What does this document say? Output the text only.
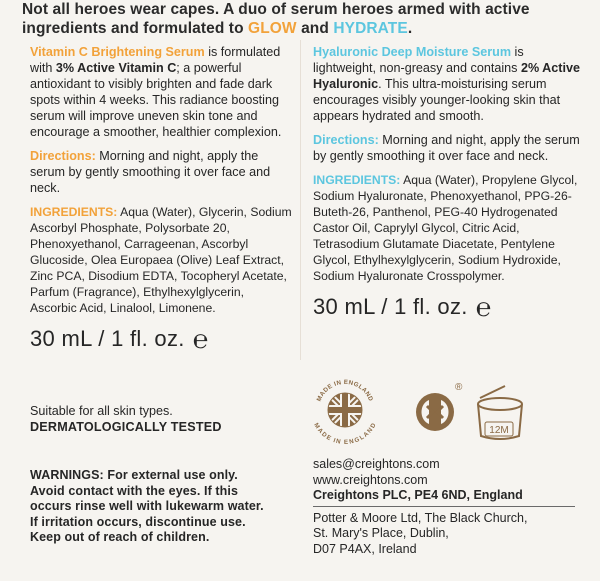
Not all heroes wear capes. A duo of serum heroes armed with active
ingredients and formulated to GLOW and HYDRATE.

Vitamin C Brightening Serum is formulated with 3% Active Vitamin C; a powerful antioxidant to visibly brighten and fade dark spots within 4 weeks. This radiance boosting serum will improve uneven skin tone and encourage a smoother, healthier complexion.

Directions: Morning and night, apply the serum by gently smoothing it over face and neck.

INGREDIENTS: Aqua (Water), Glycerin, Sodium Ascorbyl Phosphate, Polysorbate 20, Phenoxyethanol, Carrageenan, Ascorbyl Glucoside, Olea Europaea (Olive) Leaf Extract, Zinc PCA, Disodium EDTA, Tocopheryl Acetate, Parfum (Fragrance), Ethylhexylglycerin, Ascorbic Acid, Linalool, Limonene.

30 mL / 1 fl. oz. ℮

Hyaluronic Deep Moisture Serum is lightweight, non-greasy and contains 2% Active Hyaluronic. This ultra-moisturising serum encourages visibly younger-looking skin that appears hydrated and smooth.

Directions: Morning and night, apply the serum by gently smoothing it over face and neck.

INGREDIENTS: Aqua (Water), Propylene Glycol, Sodium Hyaluronate, Phenoxyethanol, PPG-26-Buteth-26, Panthenol, PEG-40 Hydrogenated Castor Oil, Caprylyl Glycol, Citric Acid, Tetrasodium Glutamate Diacetate, Pentylene Glycol, Ethylhexylglycerin, Sodium Hydroxide, Sodium Hyaluronate Crosspolymer.

30 mL / 1 fl. oz. ℮

Suitable for all skin types.

DERMATOLOGICALLY TESTED

WARNINGS: For external use only.

Avoid contact with the eyes. If this

occurs rinse well with lukewarm water.

If irritation occurs, discontinue use.

Keep out of reach of children.

MADE IN ENGLAND
MADE IN ENGLAND
®
12M

sales@creightons.com

www.creightons.com

Creightons PLC, PE4 6ND, England

Potter & Moore Ltd, The Black Church,

St. Mary's Place, Dublin,

D07 P4AX, Ireland
